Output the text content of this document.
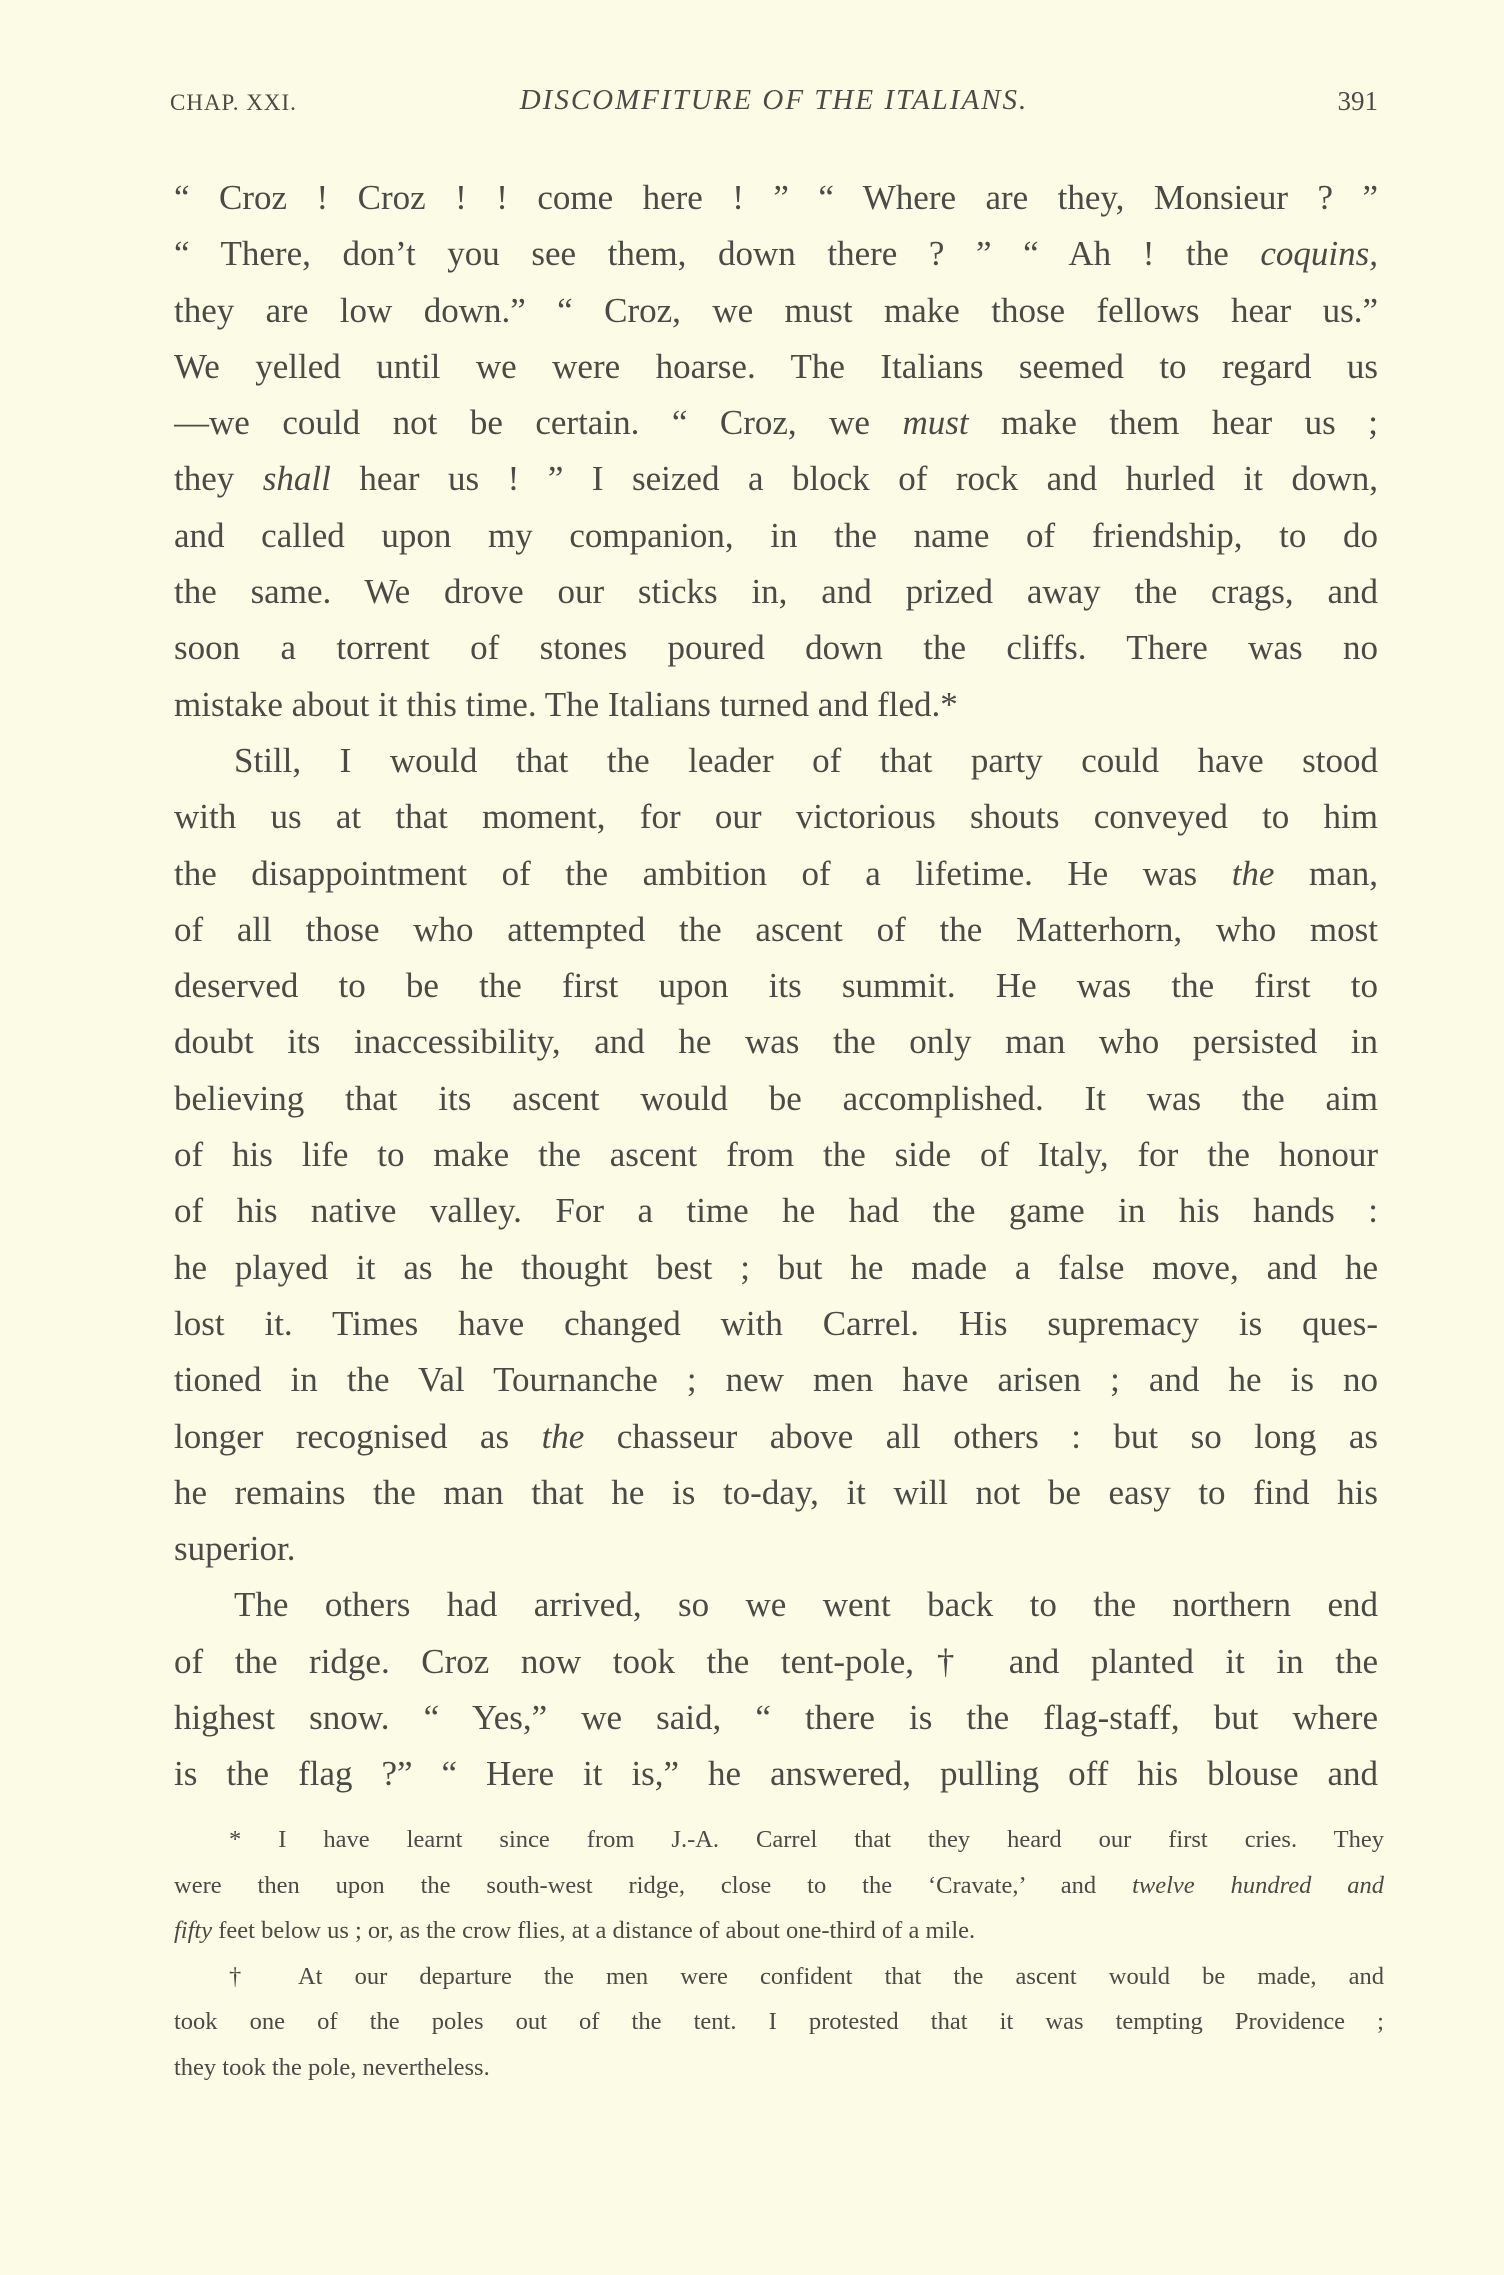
CHAP. XXI.	DISCOMFITURE OF THE ITALIANS.	391
“ Croz ! Croz ! ! come here ! ” “ Where are they, Monsieur ? ”
“ There, don’t you see them, down there ? ” “ Ah ! the coquins,
they are low down.” “ Croz, we must make those fellows hear us.”
We yelled until we were hoarse. The Italians seemed to regard us
—we could not be certain. “ Croz, we must make them hear us ;
they shall hear us ! ” I seized a block of rock and hurled it down,
and called upon my companion, in the name of friendship, to do
the same. We drove our sticks in, and prized away the crags, and
soon a torrent of stones poured down the cliffs. There was no
mistake about it this time. The Italians turned and fled.*
Still, I would that the leader of that party could have stood
with us at that moment, for our victorious shouts conveyed to him
the disappointment of the ambition of a lifetime. He was the man,
of all those who attempted the ascent of the Matterhorn, who most
deserved to be the first upon its summit. He was the first to
doubt its inaccessibility, and he was the only man who persisted in
believing that its ascent would be accomplished. It was the aim
of his life to make the ascent from the side of Italy, for the honour
of his native valley. For a time he had the game in his hands :
he played it as he thought best ; but he made a false move, and he
lost it. Times have changed with Carrel. His supremacy is ques-
tioned in the Val Tournanche ; new men have arisen ; and he is no
longer recognised as the chasseur above all others : but so long as
he remains the man that he is to-day, it will not be easy to find his
superior.
The others had arrived, so we went back to the northern end
of the ridge. Croz now took the tent-pole,† and planted it in the
highest snow. “ Yes,” we said, “ there is the flag-staff, but where
is the flag ?” “ Here it is,” he answered, pulling off his blouse and
* I have learnt since from J.-A. Carrel that they heard our first cries. They
were then upon the south-west ridge, close to the ‘Cravate,’ and twelve hundred and
fifty feet below us ; or, as the crow flies, at a distance of about one-third of a mile.
† At our departure the men were confident that the ascent would be made, and
took one of the poles out of the tent. I protested that it was tempting Providence ;
they took the pole, nevertheless.
